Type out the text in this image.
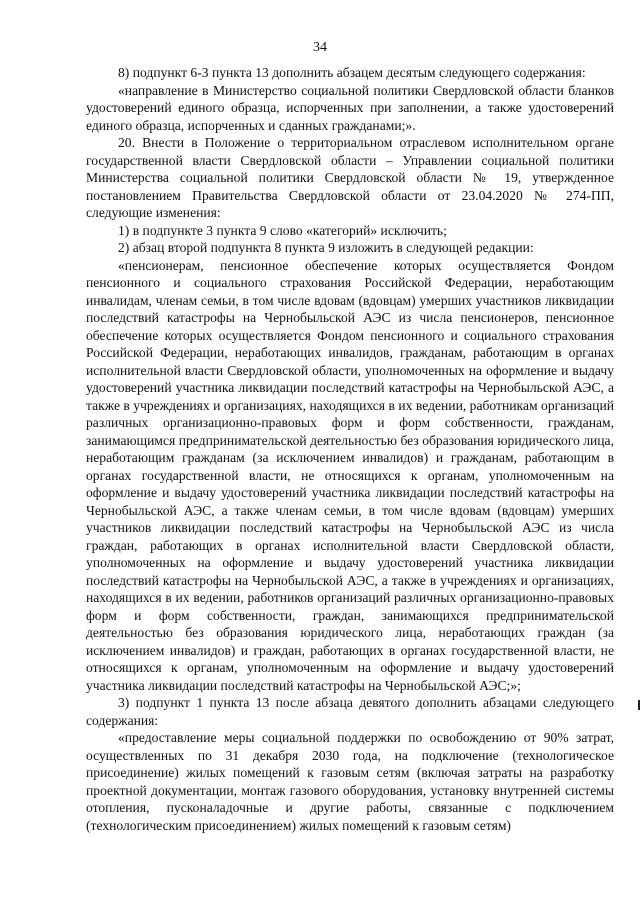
34

8) подпункт 6-3 пункта 13 дополнить абзацем десятым следующего содержания:

«направление в Министерство социальной политики Свердловской области бланков удостоверений единого образца, испорченных при заполнении, а также удостоверений единого образца, испорченных и сданных гражданами;».

20. Внести в Положение о территориальном отраслевом исполнительном органе государственной власти Свердловской области – Управлении социальной политики Министерства социальной политики Свердловской области № 19, утвержденное постановлением Правительства Свердловской области от 23.04.2020 № 274-ПП, следующие изменения:

1) в подпункте 3 пункта 9 слово «категорий» исключить;

2) абзац второй подпункта 8 пункта 9 изложить в следующей редакции:

«пенсионерам, пенсионное обеспечение которых осуществляется Фондом пенсионного и социального страхования Российской Федерации, неработающим инвалидам, членам семьи, в том числе вдовам (вдовцам) умерших участников ликвидации последствий катастрофы на Чернобыльской АЭС из числа пенсионеров, пенсионное обеспечение которых осуществляется Фондом пенсионного и социального страхования Российской Федерации, неработающих инвалидов, гражданам, работающим в органах исполнительной власти Свердловской области, уполномоченных на оформление и выдачу удостоверений участника ликвидации последствий катастрофы на Чернобыльской АЭС, а также в учреждениях и организациях, находящихся в их ведении, работникам организаций различных организационно-правовых форм и форм собственности, гражданам, занимающимся предпринимательской деятельностью без образования юридического лица, неработающим гражданам (за исключением инвалидов) и гражданам, работающим в органах государственной власти, не относящихся к органам, уполномоченным на оформление и выдачу удостоверений участника ликвидации последствий катастрофы на Чернобыльской АЭС, а также членам семьи, в том числе вдовам (вдовцам) умерших участников ликвидации последствий катастрофы на Чернобыльской АЭС из числа граждан, работающих в органах исполнительной власти Свердловской области, уполномоченных на оформление и выдачу удостоверений участника ликвидации последствий катастрофы на Чернобыльской АЭС, а также в учреждениях и организациях, находящихся в их ведении, работников организаций различных организационно-правовых форм и форм собственности, граждан, занимающихся предпринимательской деятельностью без образования юридического лица, неработающих граждан (за исключением инвалидов) и граждан, работающих в органах государственной власти, не относящихся к органам, уполномоченным на оформление и выдачу удостоверений участника ликвидации последствий катастрофы на Чернобыльской АЭС;»;

3) подпункт 1 пункта 13 после абзаца девятого дополнить абзацами следующего содержания:

«предоставление меры социальной поддержки по освобождению от 90% затрат, осуществленных по 31 декабря 2030 года, на подключение (технологическое присоединение) жилых помещений к газовым сетям (включая затраты на разработку проектной документации, монтаж газового оборудования, установку внутренней системы отопления, пусконаладочные и другие работы, связанные с подключением (технологическим присоединением) жилых помещений к газовым сетям)
